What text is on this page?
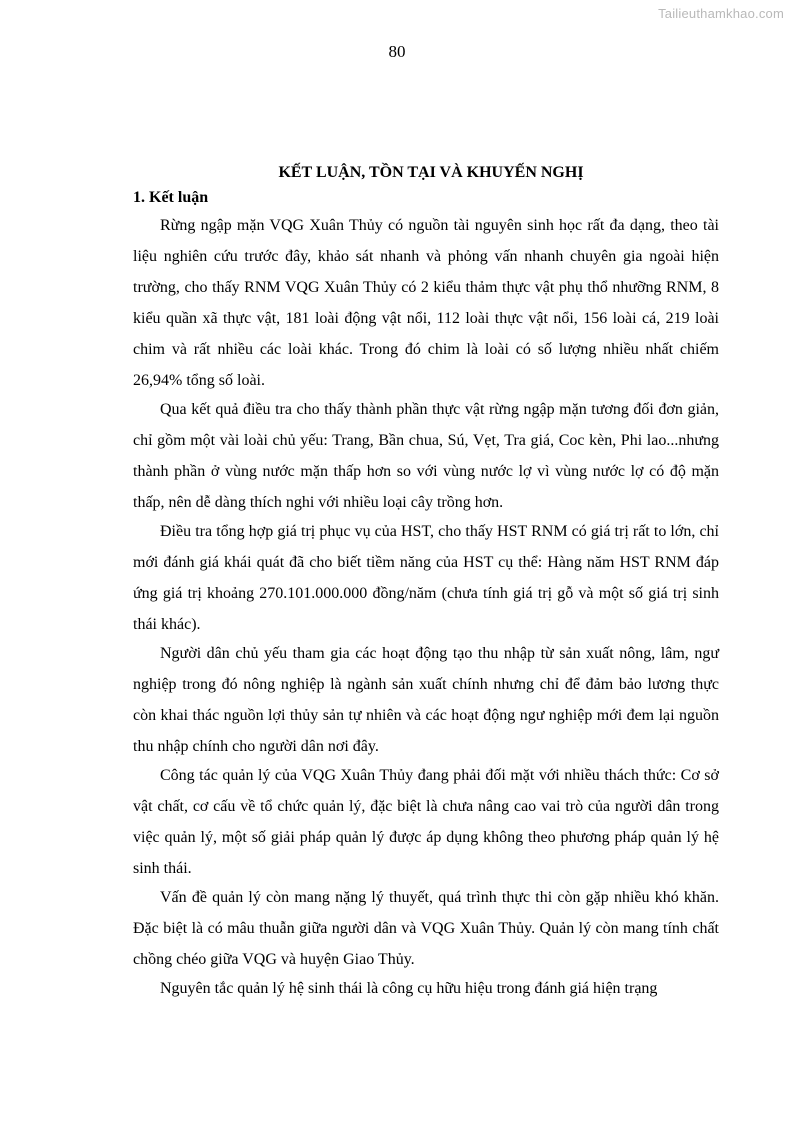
Tailieuthamkhao.com
80
KẾT LUẬN, TỒN TẠI VÀ KHUYẾN NGHỊ
1. Kết luận

Rừng ngập mặn VQG Xuân Thủy có nguồn tài nguyên sinh học rất đa dạng, theo tài liệu nghiên cứu trước đây, khảo sát nhanh và phỏng vấn nhanh chuyên gia ngoài hiện trường, cho thấy RNM VQG Xuân Thủy có 2 kiểu thảm thực vật phụ thổ nhưỡng RNM, 8 kiểu quần xã thực vật, 181 loài động vật nổi, 112 loài thực vật nổi, 156 loài cá, 219 loài chim và rất nhiều các loài khác. Trong đó chim là loài có số lượng nhiều nhất chiếm 26,94% tổng số loài.

Qua kết quả điều tra cho thấy thành phần thực vật rừng ngập mặn tương đối đơn giản, chỉ gồm một vài loài chủ yếu: Trang, Bần chua, Sú, Vẹt, Tra giá, Coc kèn, Phi lao...nhưng thành phần ở vùng nước mặn thấp hơn so với vùng nước lợ vì vùng nước lợ có độ mặn thấp, nên dễ dàng thích nghi với nhiều loại cây trồng hơn.

Điều tra tổng hợp giá trị phục vụ của HST, cho thấy HST RNM có giá trị rất to lớn, chỉ mới đánh giá khái quát đã cho biết tiềm năng của HST cụ thể: Hàng năm HST RNM đáp ứng giá trị khoảng 270.101.000.000 đồng/năm (chưa tính giá trị gỗ và một số giá trị sinh thái khác).

Người dân chủ yếu tham gia các hoạt động tạo thu nhập từ sản xuất nông, lâm, ngư nghiệp trong đó nông nghiệp là ngành sản xuất chính nhưng chỉ để đảm bảo lương thực còn khai thác nguồn lợi thủy sản tự nhiên và các hoạt động ngư nghiệp mới đem lại nguồn thu nhập chính cho người dân nơi đây.

Công tác quản lý của VQG Xuân Thủy đang phải đối mặt với nhiều thách thức: Cơ sở vật chất, cơ cấu về tổ chức quản lý, đặc biệt là chưa nâng cao vai trò của người dân trong việc quản lý, một số giải pháp quản lý được áp dụng không theo phương pháp quản lý hệ sinh thái.

Vấn đề quản lý còn mang nặng lý thuyết, quá trình thực thi còn gặp nhiều khó khăn. Đặc biệt là có mâu thuẫn giữa người dân và VQG Xuân Thủy. Quản lý còn mang tính chất chồng chéo giữa VQG và huyện Giao Thủy.

Nguyên tắc quản lý hệ sinh thái là công cụ hữu hiệu trong đánh giá hiện trạng
